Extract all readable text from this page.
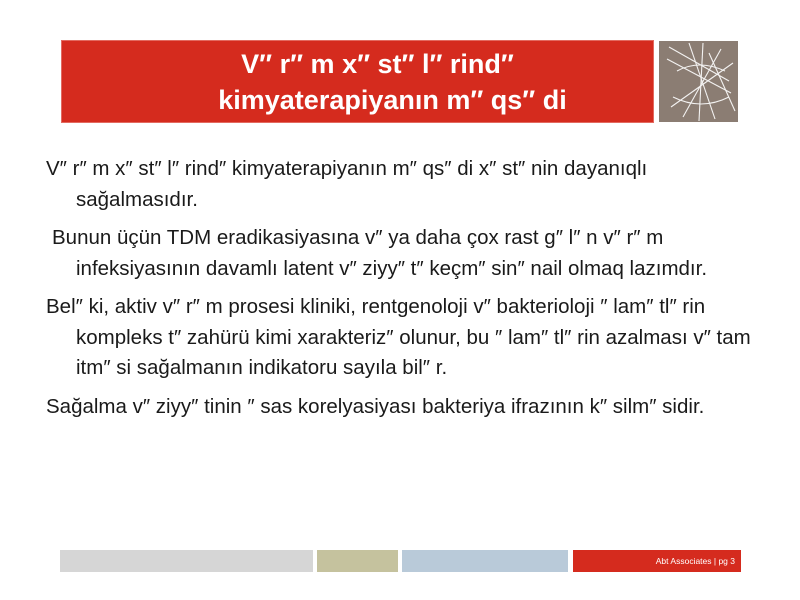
V″ r″ m x″ st″ l″ rind″
kimyaterapiyanın m″ qs″ di

V″ r″ m x″ st″ l″ rind″ kimyaterapiyanın m″ qs″ di x″ st″ nin dayanıqlı sağalmasıdır.

Bunun üçün TDM eradikasiyasına v″ ya daha çox rast g″ l″ n v″ r″ m infeksiyasının davamlı latent v″ ziyy″ t″ keçm″ sin″ nail olmaq lazımdır.

Bel″ ki, aktiv v″ r″ m prosesi kliniki, rentgenoloji v″ bakterioloji ″ lam″ tl″ rin kompleks t″ zahürü kimi xarakteriz″ olunur, bu ″ lam″ tl″ rin azalması v″ tam itm″ si sağalmanın indikatoru sayıla bil″ r.

Sağalma v″ ziyy″ tinin ″ sas korelyasiyası bakteriya ifrazının k″ silm″ sidir.

Abt Associates | pg 3
